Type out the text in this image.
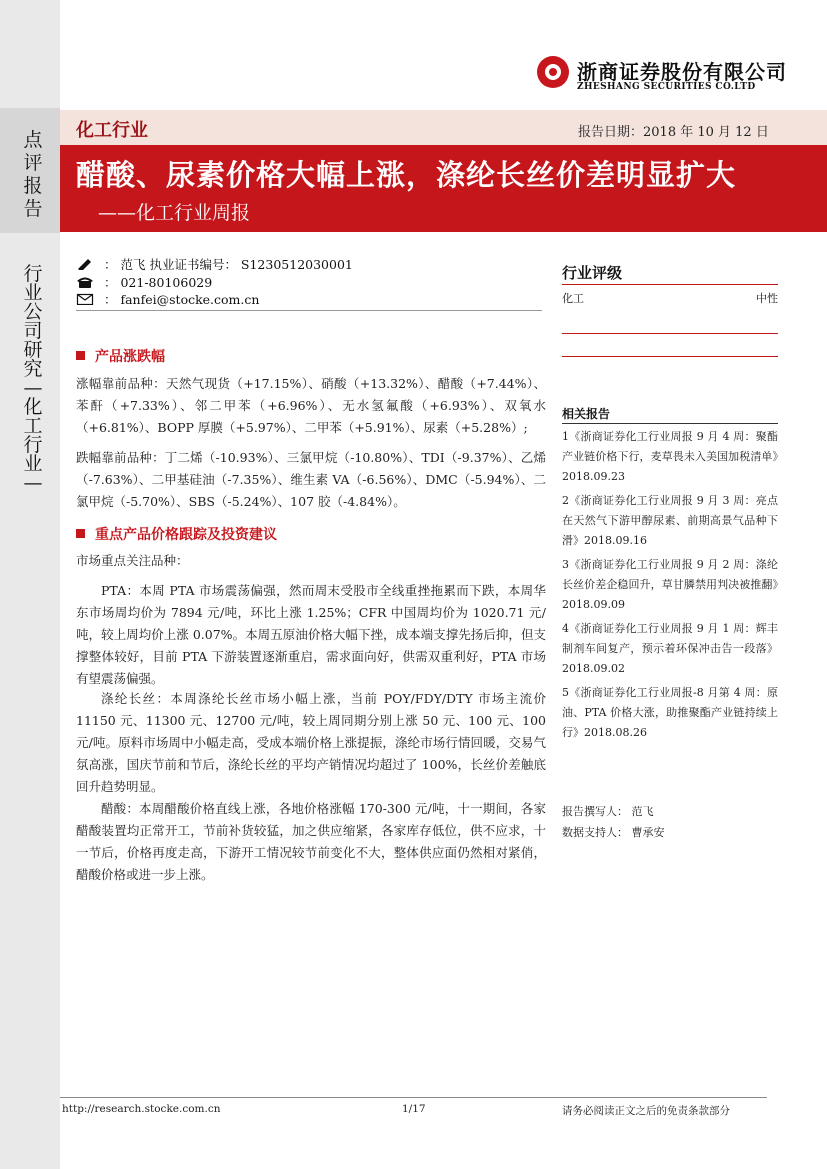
点
评
报
告
行
业
公
司
研
究
—
化
工
行
业
—
浙商证券股份有限公司
ZHESHANG SECURITIES CO.LTD
化工行业	报告日期：2018 年 10 月 12 日
醋酸、尿素价格大幅上涨，涤纶长丝价差明显扩大
——化工行业周报
： 范飞 执业证书编号： S1230512030001
： 021-80106029
： fanfei@stocke.com.cn
产品涨跌幅
涨幅靠前品种：天然气现货（+17.15%）、硝酸（+13.32%）、醋酸（+7.44%）、苯酐（+7.33%）、邻二甲苯（+6.96%）、无水氢氟酸（+6.93%）、双氧水（+6.81%）、BOPP 厚膜（+5.97%）、二甲苯（+5.91%）、尿素（+5.28%）;
跌幅靠前品种：丁二烯（-10.93%）、三氯甲烷（-10.80%）、TDI（-9.37%）、乙烯（-7.63%）、二甲基硅油（-7.35%）、维生素 VA（-6.56%）、DMC（-5.94%）、二氯甲烷（-5.70%）、SBS（-5.24%）、107 胶（-4.84%）。
重点产品价格跟踪及投资建议
市场重点关注品种：
PTA：本周 PTA 市场震荡偏强，然而周末受股市全线重挫拖累而下跌，本周华东市场周均价为 7894 元/吨，环比上涨 1.25%；CFR 中国周均价为 1020.71 元/吨，较上周均价上涨 0.07%。本周五原油价格大幅下挫，成本端支撑先扬后抑，但支撑整体较好，目前 PTA 下游装置逐渐重启，需求面向好，供需双重利好，PTA 市场有望震荡偏强。
涤纶长丝：本周涤纶长丝市场小幅上涨，当前 POY/FDY/DTY 市场主流价 11150 元、11300 元、12700 元/吨，较上周同期分别上涨 50 元、100 元、100 元/吨。原料市场周中小幅走高，受成本端价格上涨提振，涤纶市场行情回暖，交易气氛高涨，国庆节前和节后，涤纶长丝的平均产销情况均超过了 100%，长丝价差触底回升趋势明显。
醋酸：本周醋酸价格直线上涨，各地价格涨幅 170-300 元/吨，十一期间，各家醋酸装置均正常开工，节前补货较猛，加之供应缩紧，各家库存低位，供不应求，十一节后，价格再度走高，下游开工情况较节前变化不大，整体供应面仍然相对紧俏，醋酸价格或进一步上涨。
行业评级
化工	中性
相关报告
1《浙商证券化工行业周报 9 月 4 周：聚酯产业链价格下行，麦草畏未入美国加税清单》2018.09.23
2《浙商证券化工行业周报 9 月 3 周：亮点在天然气下游甲醇尿素、前期高景气品种下滑》2018.09.16
3《浙商证券化工行业周报 9 月 2 周：涤纶长丝价差企稳回升，草甘膦禁用判决被推翻》2018.09.09
4《浙商证券化工行业周报 9 月 1 周：辉丰制剂车间复产，预示着环保冲击告一段落》2018.09.02
5《浙商证券化工行业周报-8 月第 4 周：原油、PTA 价格大涨，助推聚酯产业链持续上行》2018.08.26
报告撰写人： 范飞
数据支持人： 曹承安
http://research.stocke.com.cn	1/17	请务必阅读正文之后的免责条款部分
